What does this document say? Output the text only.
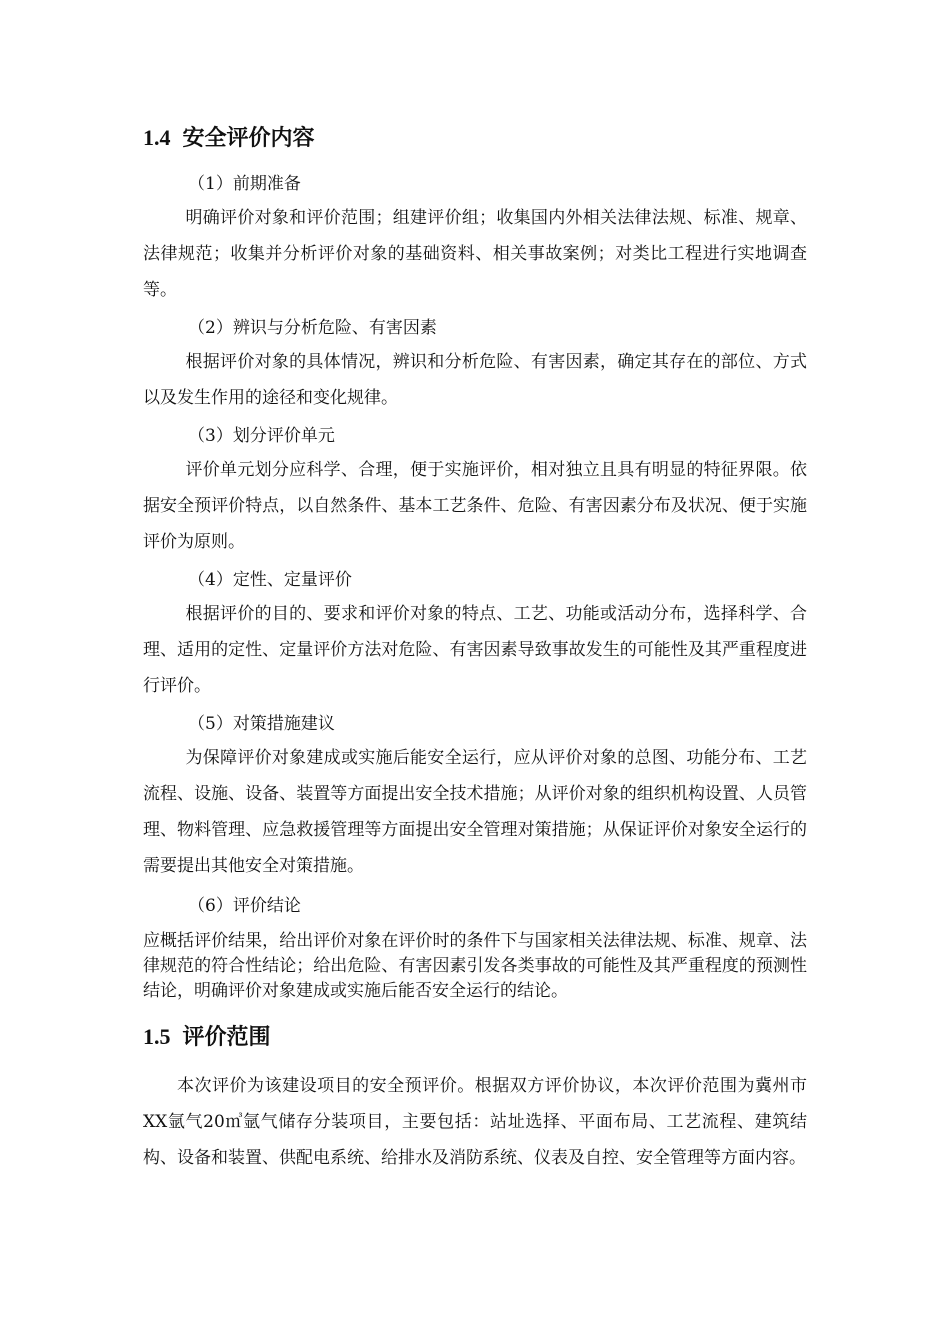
1.4 安全评价内容
（1）前期准备

明确评价对象和评价范围；组建评价组；收集国内外相关法律法规、标准、规章、法律规范；收集并分析评价对象的基础资料、相关事故案例；对类比工程进行实地调查等。

（2）辨识与分析危险、有害因素

根据评价对象的具体情况，辨识和分析危险、有害因素，确定其存在的部位、方式以及发生作用的途径和变化规律。

（3）划分评价单元

评价单元划分应科学、合理，便于实施评价，相对独立且具有明显的特征界限。依据安全预评价特点，以自然条件、基本工艺条件、危险、有害因素分布及状况、便于实施评价为原则。

（4）定性、定量评价

根据评价的目的、要求和评价对象的特点、工艺、功能或活动分布，选择科学、合理、适用的定性、定量评价方法对危险、有害因素导致事故发生的可能性及其严重程度进行评价。

（5）对策措施建议

为保障评价对象建成或实施后能安全运行，应从评价对象的总图、功能分布、工艺流程、设施、设备、装置等方面提出安全技术措施；从评价对象的组织机构设置、人员管理、物料管理、应急救援管理等方面提出安全管理对策措施；从保证评价对象安全运行的需要提出其他安全对策措施。

（6）评价结论

应概括评价结果，给出评价对象在评价时的条件下与国家相关法律法规、标准、规章、法律规范的符合性结论；给出危险、有害因素引发各类事故的可能性及其严重程度的预测性结论，明确评价对象建成或实施后能否安全运行的结论。

1.5 评价范围

本次评价为该建设项目的安全预评价。根据双方评价协议，本次评价范围为冀州市XX氩气20㎥氩气储存分装项目，主要包括：站址选择、平面布局、工艺流程、建筑结构、设备和装置、供配电系统、给排水及消防系统、仪表及自控、安全管理等方面内容。
